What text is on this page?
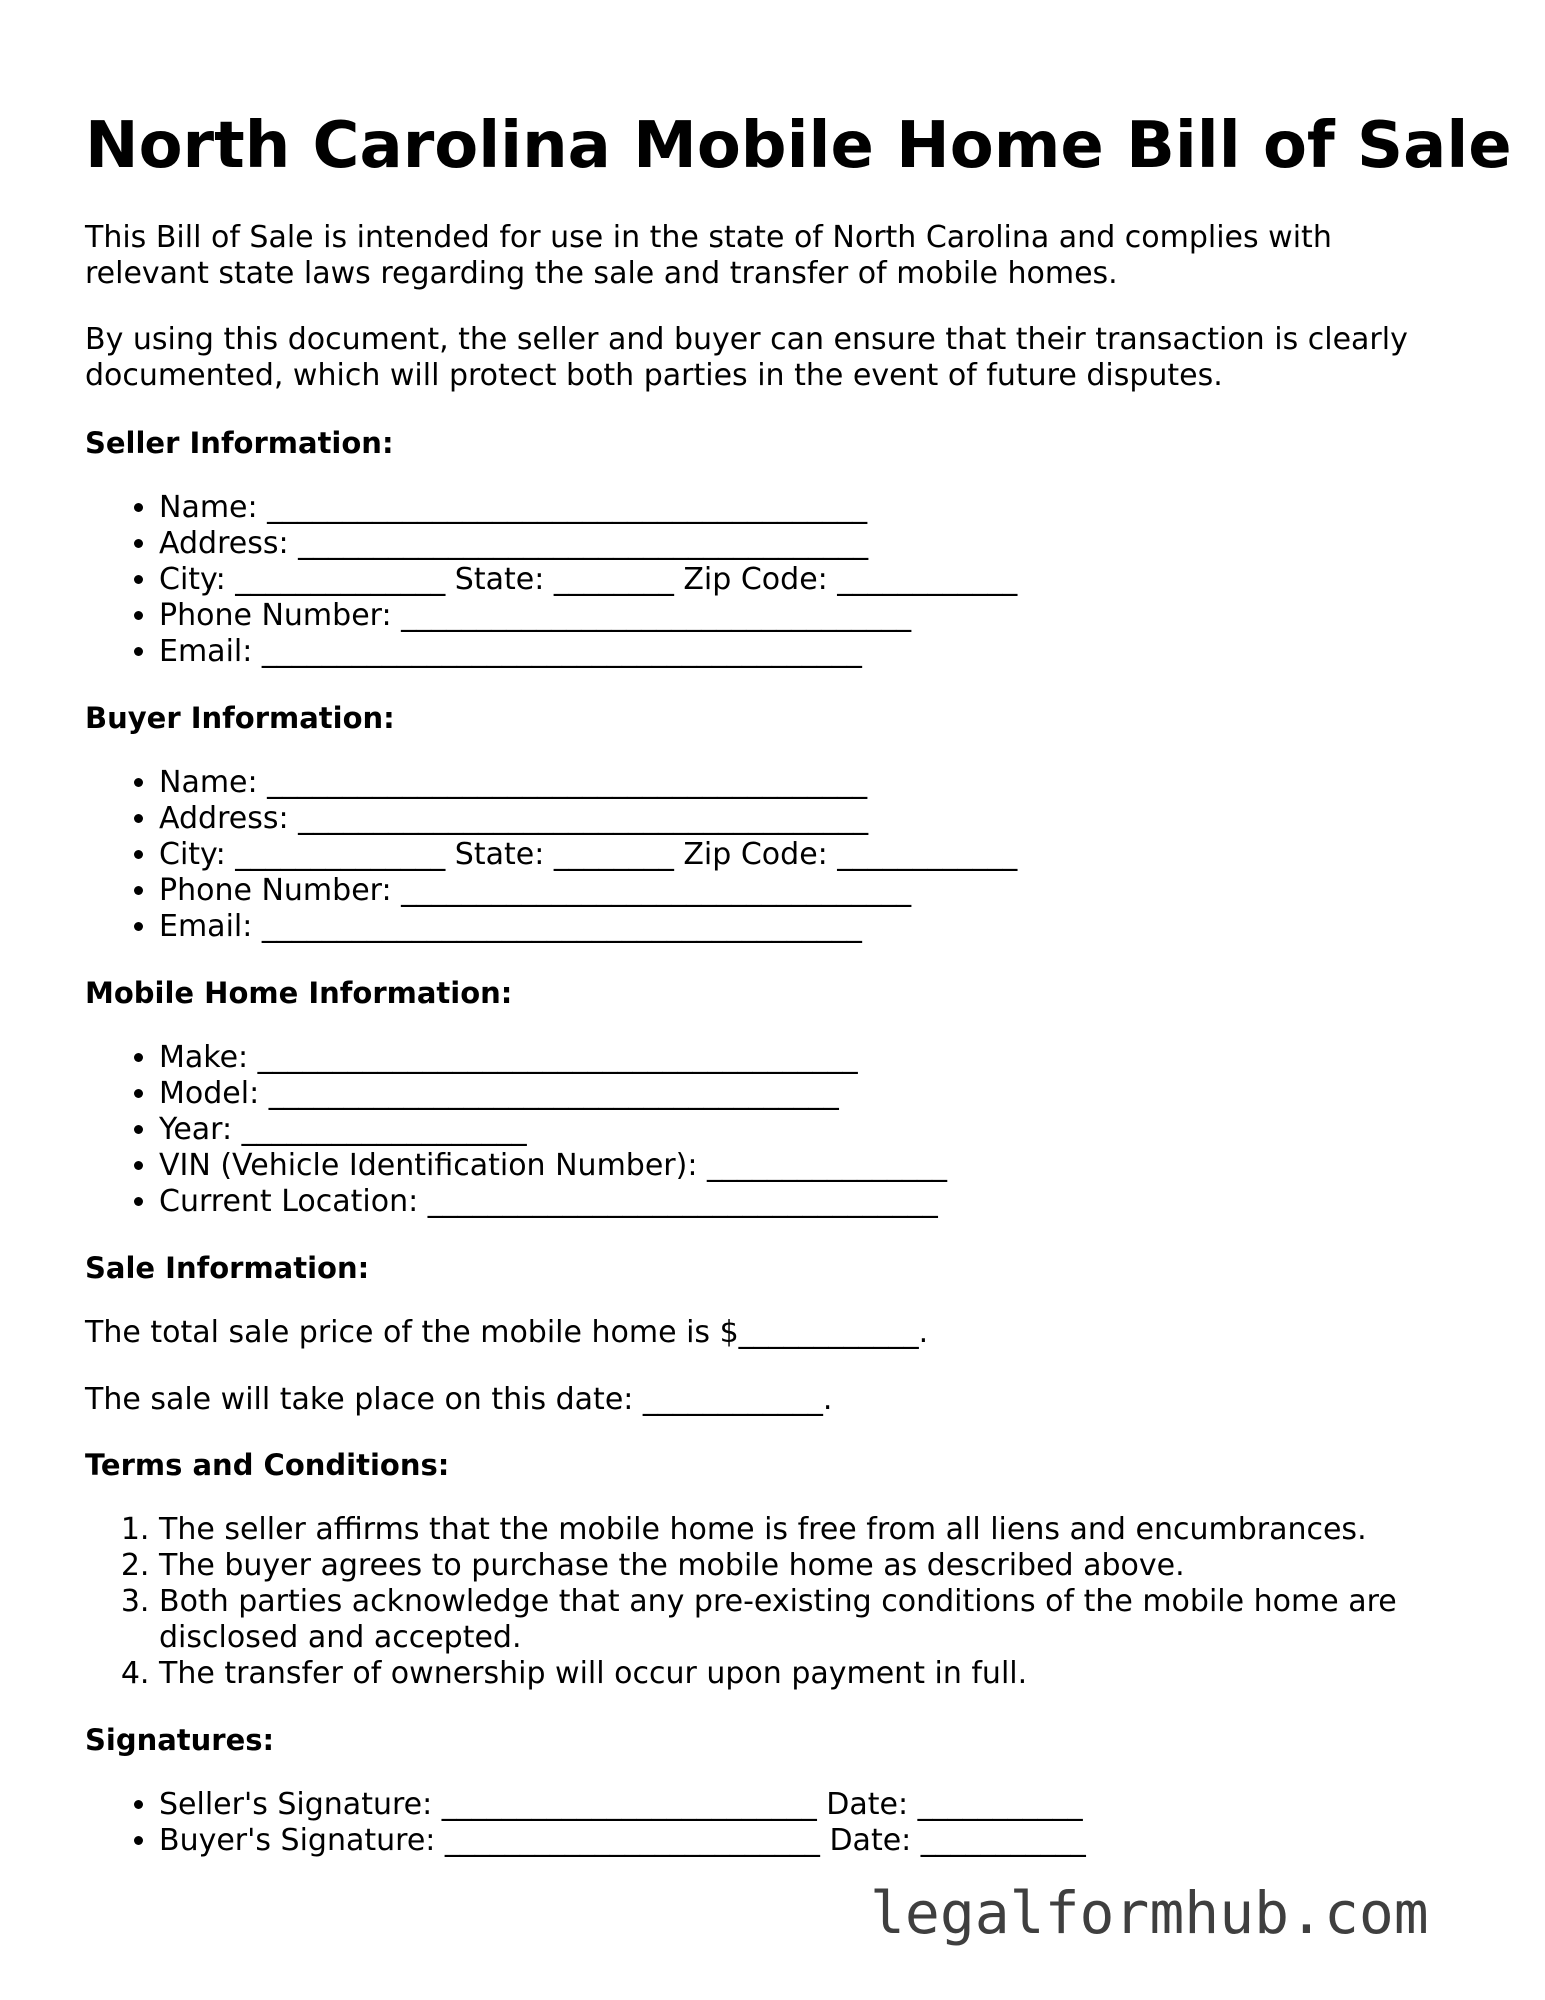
North Carolina Mobile Home Bill of Sale

This Bill of Sale is intended for use in the state of North Carolina and complies with relevant state laws regarding the sale and transfer of mobile homes.

By using this document, the seller and buyer can ensure that their transaction is clearly documented, which will protect both parties in the event of future disputes.

Seller Information:
• Name: ________________________________________
• Address: ______________________________________
• City: ______________ State: ________ Zip Code: ____________
• Phone Number: __________________________________
• Email: ________________________________________
Buyer Information:
• Name: ________________________________________
• Address: ______________________________________
• City: ______________ State: ________ Zip Code: ____________
• Phone Number: __________________________________
• Email: ________________________________________
Mobile Home Information:
• Make: ________________________________________
• Model: ______________________________________
• Year: ___________________
• VIN (Vehicle Identification Number): ________________
• Current Location: __________________________________
Sale Information:

The total sale price of the mobile home is $____________.

The sale will take place on this date: ____________.

Terms and Conditions:
1. The seller affirms that the mobile home is free from all liens and encumbrances.
2. The buyer agrees to purchase the mobile home as described above.
3. Both parties acknowledge that any pre-existing conditions of the mobile home are disclosed and accepted.
4. The transfer of ownership will occur upon payment in full.
Signatures:
• Seller's Signature: _________________________ Date: ___________
• Buyer's Signature: _________________________ Date: ___________
legalformhub.com
